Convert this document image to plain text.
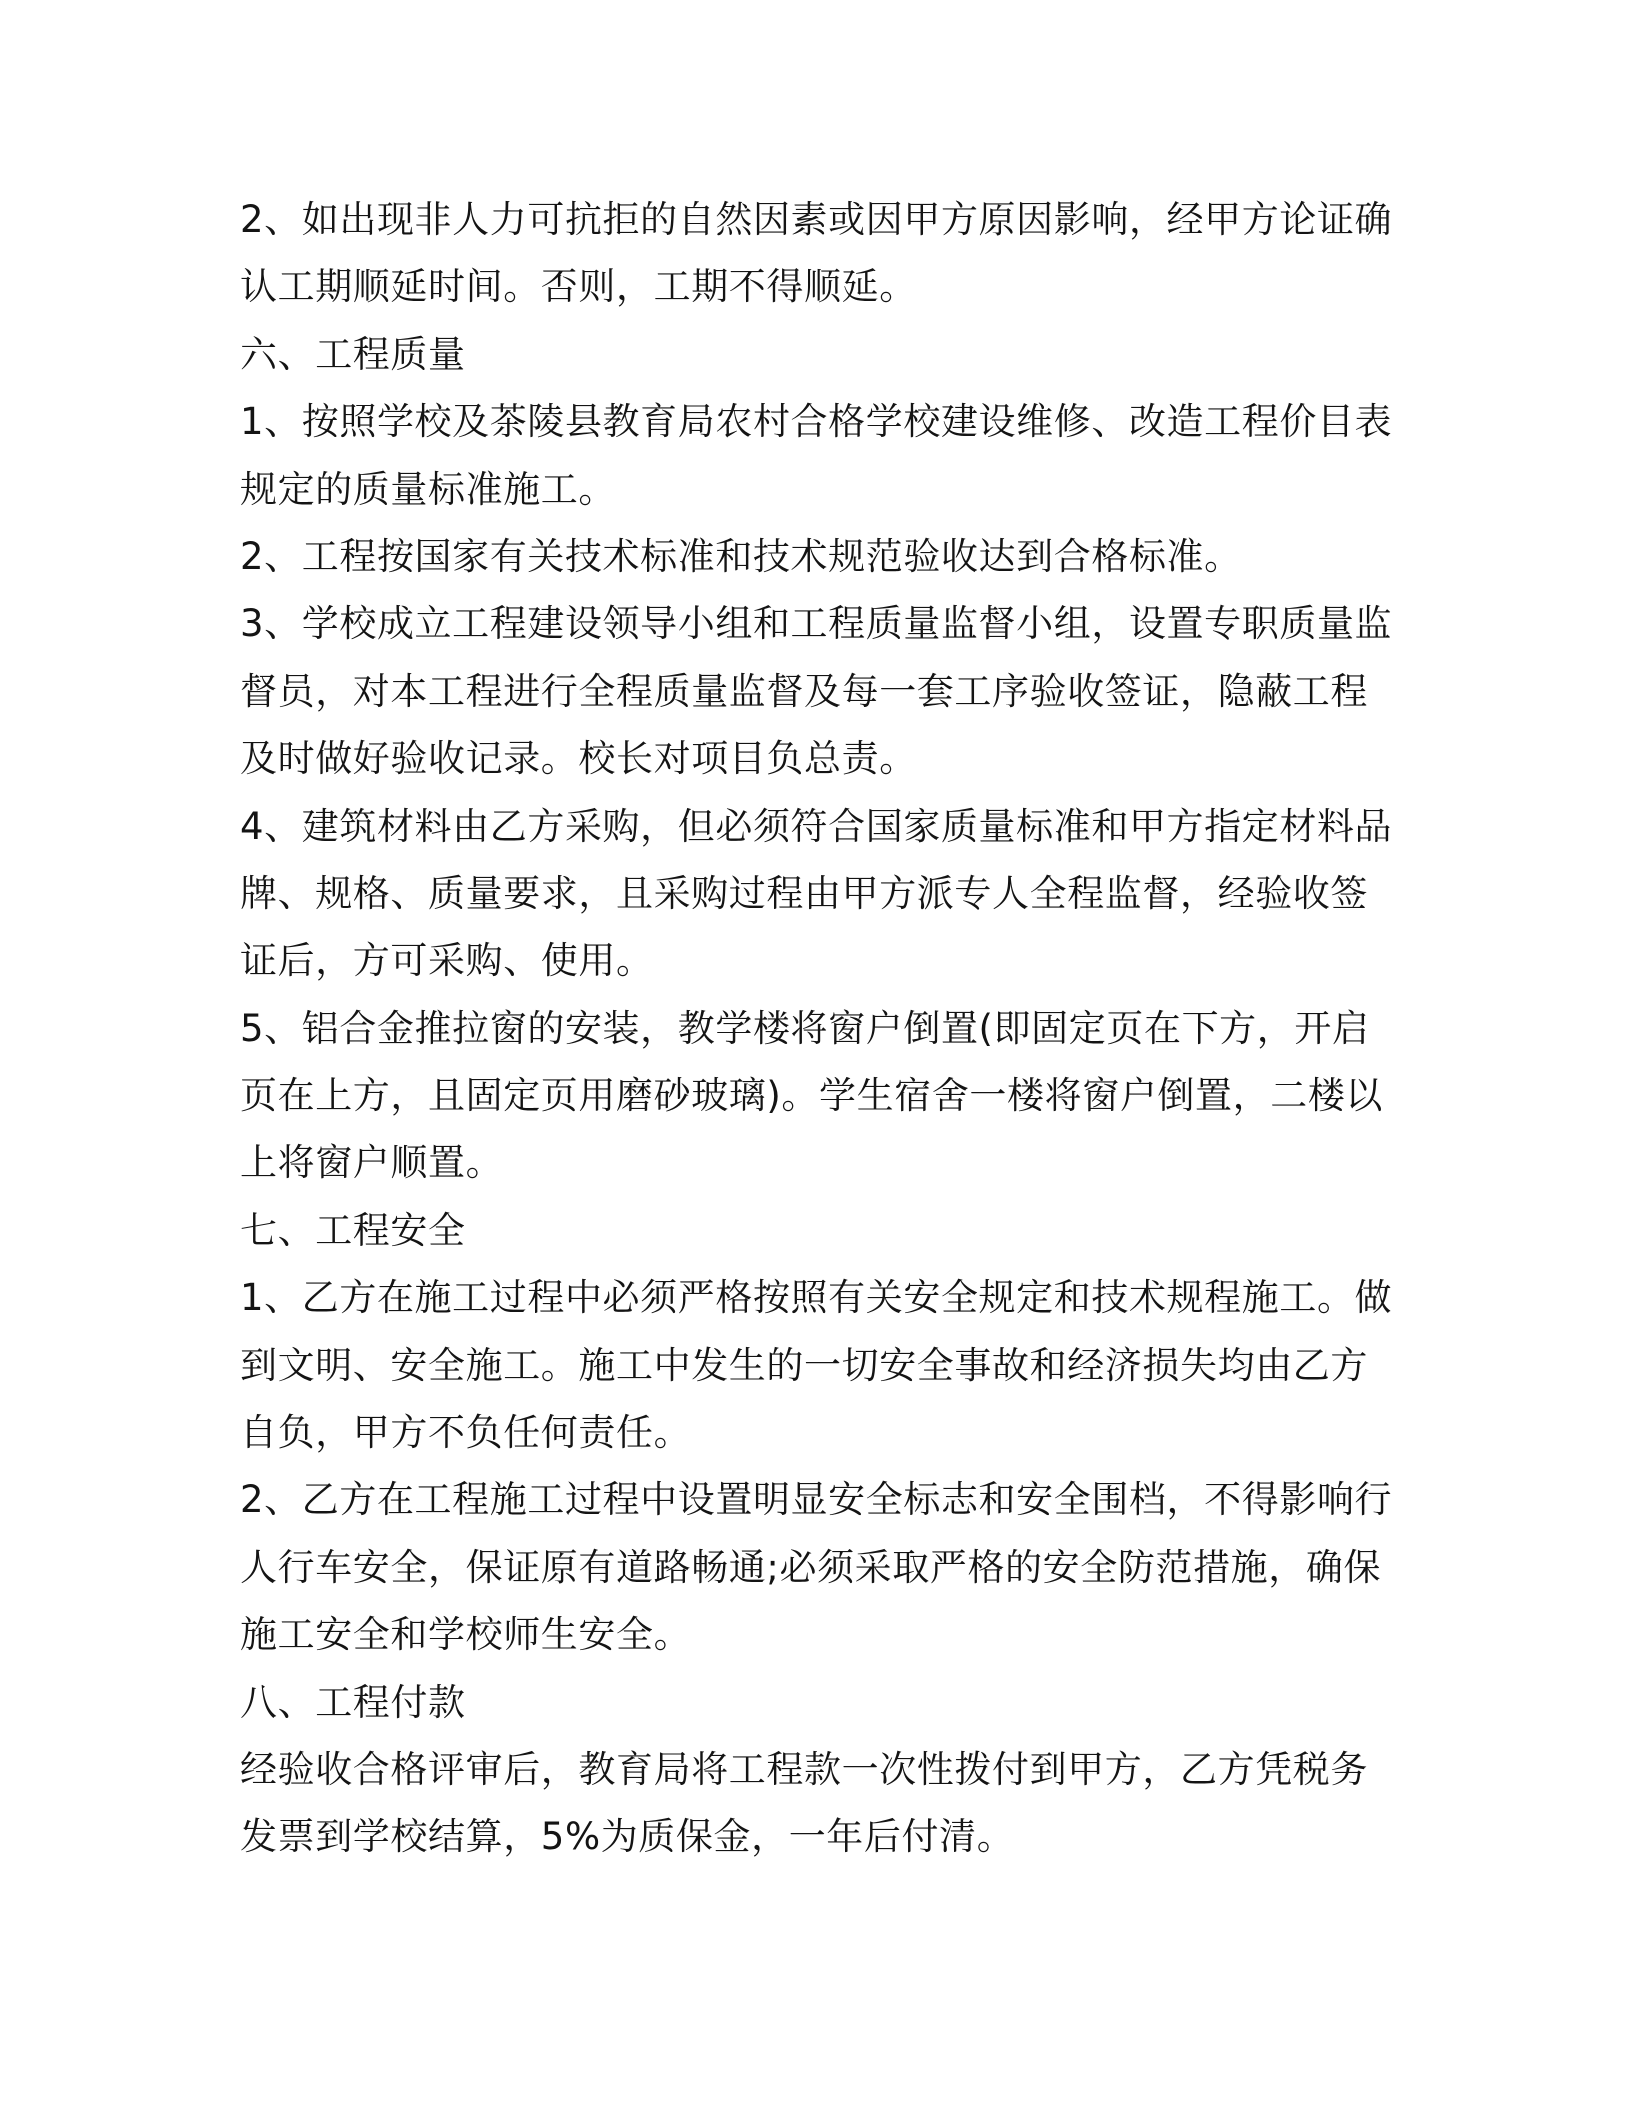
2、如出现非人力可抗拒的自然因素或因甲方原因影响，经甲方论证确
认工期顺延时间。否则，工期不得顺延。
六、工程质量
1、按照学校及茶陵县教育局农村合格学校建设维修、改造工程价目表
规定的质量标准施工。
2、工程按国家有关技术标准和技术规范验收达到合格标准。
3、学校成立工程建设领导小组和工程质量监督小组，设置专职质量监
督员，对本工程进行全程质量监督及每一套工序验收签证，隐蔽工程
及时做好验收记录。校长对项目负总责。
4、建筑材料由乙方采购，但必须符合国家质量标准和甲方指定材料品
牌、规格、质量要求，且采购过程由甲方派专人全程监督，经验收签
证后，方可采购、使用。
5、铝合金推拉窗的安装，教学楼将窗户倒置(即固定页在下方，开启
页在上方，且固定页用磨砂玻璃)。学生宿舍一楼将窗户倒置，二楼以
上将窗户顺置。
七、工程安全
1、乙方在施工过程中必须严格按照有关安全规定和技术规程施工。做
到文明、安全施工。施工中发生的一切安全事故和经济损失均由乙方
自负，甲方不负任何责任。
2、乙方在工程施工过程中设置明显安全标志和安全围档，不得影响行
人行车安全，保证原有道路畅通;必须采取严格的安全防范措施，确保
施工安全和学校师生安全。
八、工程付款
经验收合格评审后，教育局将工程款一次性拨付到甲方，乙方凭税务
发票到学校结算，5%为质保金，一年后付清。
